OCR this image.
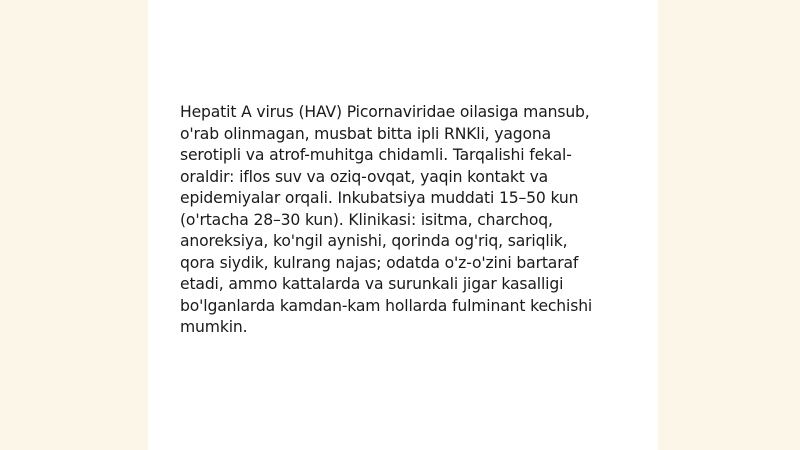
Hepatit A virus (HAV) Picornaviridae oilasiga mansub,
o'rab olinmagan, musbat bitta ipli RNKli, yagona
serotipli va atrof-muhitga chidamli. Tarqalishi fekal-
oraldir: iflos suv va oziq-ovqat, yaqin kontakt va
epidemiyalar orqali. Inkubatsiya muddati 15–50 kun
(o'rtacha 28–30 kun). Klinikasi: isitma, charchoq,
anoreksiya, ko'ngil aynishi, qorinda og'riq, sariqlik,
qora siydik, kulrang najas; odatda o'z-o'zini bartaraf
etadi, ammo kattalarda va surunkali jigar kasalligi
bo'lganlarda kamdan-kam hollarda fulminant kechishi
mumkin.
